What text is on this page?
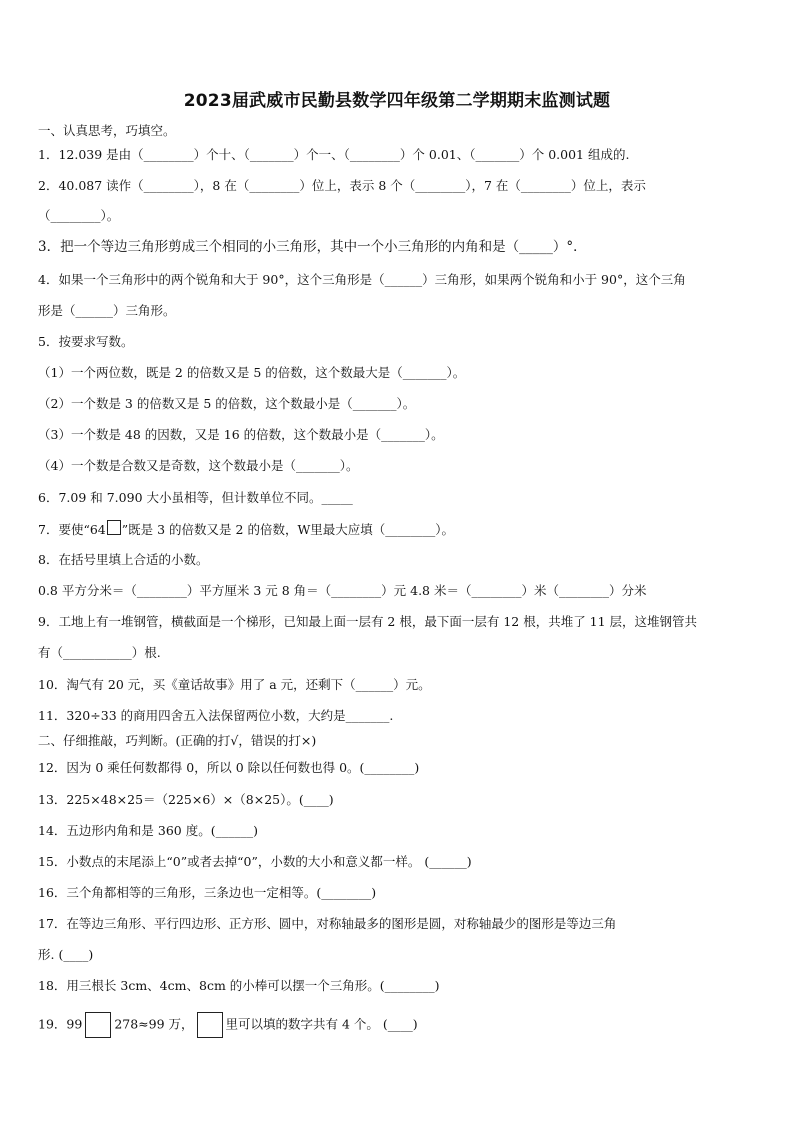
2023届武威市民勤县数学四年级第二学期期末监测试题
一、认真思考，巧填空。
1．12.039 是由（________）个十、（_______）个一、（________）个 0.01、（_______）个 0.001 组成的.
2．40.087 读作（________），8 在（________）位上，表示 8 个（________），7 在（________）位上，表示
（________）。
3．把一个等边三角形剪成三个相同的小三角形，其中一个小三角形的内角和是（_____）°．
4．如果一个三角形中的两个锐角和大于 90°，这个三角形是（______）三角形，如果两个锐角和小于 90°，这个三角
形是（______）三角形。
5．按要求写数。
（1）一个两位数，既是 2 的倍数又是 5 的倍数，这个数最大是（_______）。
（2）一个数是 3 的倍数又是 5 的倍数，这个数最小是（_______）。
（3）一个数是 48 的因数，又是 16 的倍数，这个数最小是（_______）。
（4）一个数是合数又是奇数，这个数最小是（_______）。
6．7.09 和 7.090 大小虽相等，但计数单位不同。_____
7．要使“64 ”既是 3 的倍数又是 2 的倍数，W里最大应填（________）。
8．在括号里填上合适的小数。
0.8 平方分米＝（________）平方厘米 3 元 8 角＝（________）元 4.8 米＝（________）米（________）分米
9．工地上有一堆钢管，横截面是一个梯形，已知最上面一层有 2 根，最下面一层有 12 根，共堆了 11 层，这堆钢管共
有（___________）根.
10．淘气有 20 元，买《童话故事》用了 a 元，还剩下（______）元。
11．320÷33 的商用四舍五入法保留两位小数，大约是_______.
二、仔细推敲，巧判断。(正确的打√，错误的打×)
12．因为 0 乘任何数都得 0，所以 0 除以任何数也得 0。(________)
13．225×48×25＝（225×6）×（8×25）。(____)
14．五边形内角和是 360 度。(______)
15．小数点的末尾添上“0”或者去掉“0”，小数的大小和意义都一样。 (______)
16．三个角都相等的三角形，三条边也一定相等。(________)
17．在等边三角形、平行四边形、正方形、圆中，对称轴最多的图形是圆，对称轴最少的图形是等边三角
形. (____)
18．用三根长 3cm、4cm、8cm 的小棒可以摆一个三角形。(________)
19．99	278≈99 万，	里可以填的数字共有 4 个。 (____)
